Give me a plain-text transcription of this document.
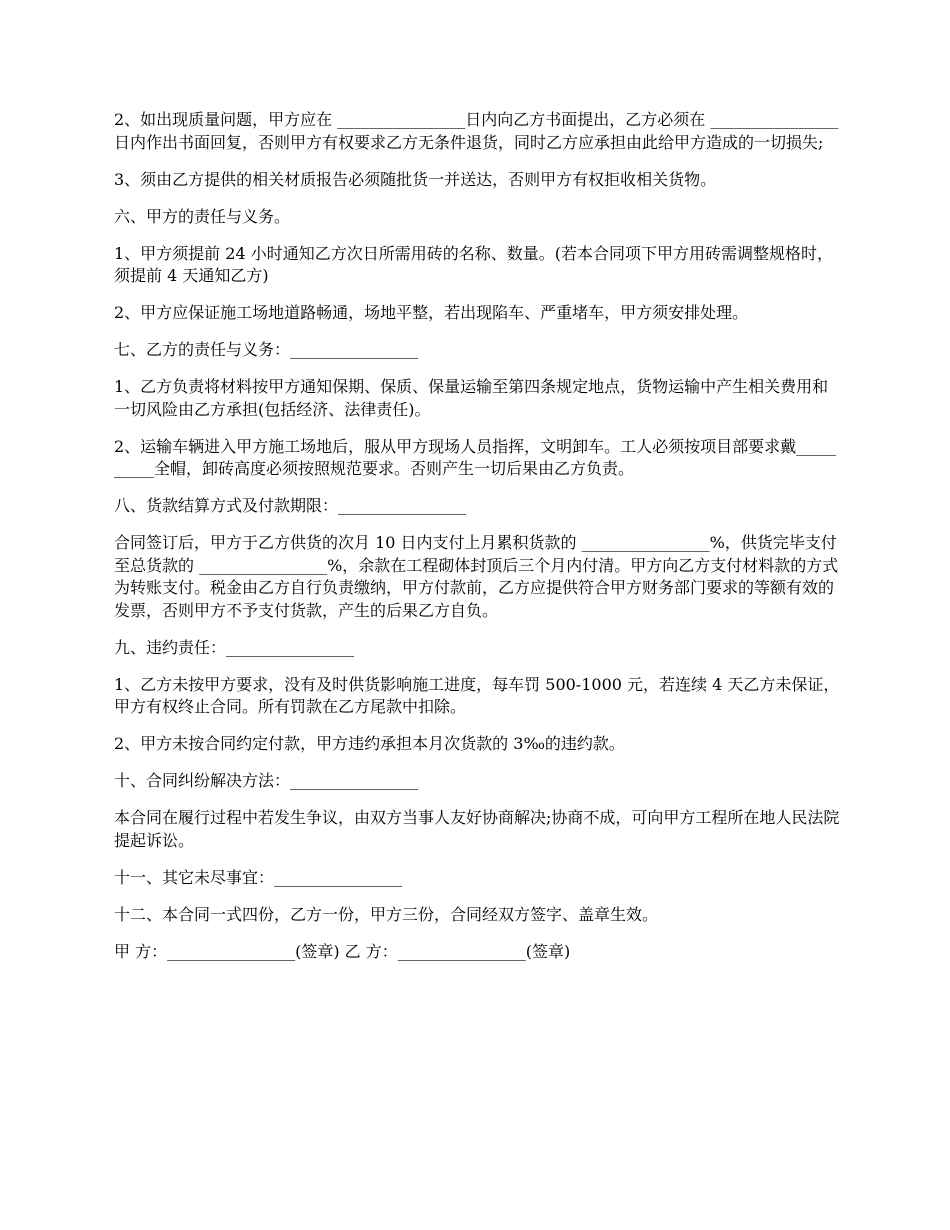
2、如出现质量问题，甲方应在 ________________日内向乙方书面提出，乙方必须在 ________________日内作出书面回复，否则甲方有权要求乙方无条件退货，同时乙方应承担由此给甲方造成的一切损失;

3、须由乙方提供的相关材质报告必须随批货一并送达，否则甲方有权拒收相关货物。

六、甲方的责任与义务。

1、甲方须提前 24 小时通知乙方次日所需用砖的名称、数量。(若本合同项下甲方用砖需调整规格时，须提前 4 天通知乙方)

2、甲方应保证施工场地道路畅通，场地平整，若出现陷车、严重堵车，甲方须安排处理。

七、乙方的责任与义务：________________

1、乙方负责将材料按甲方通知保期、保质、保量运输至第四条规定地点，货物运输中产生相关费用和一切风险由乙方承担(包括经济、法律责任)。

2、运输车辆进入甲方施工场地后，服从甲方现场人员指挥，文明卸车。工人必须按项目部要求戴__________全帽，卸砖高度必须按照规范要求。否则产生一切后果由乙方负责。

八、货款结算方式及付款期限：________________

合同签订后，甲方于乙方供货的次月 10 日内支付上月累积货款的 ________________%，供货完毕支付至总货款的 ________________%，余款在工程砌体封顶后三个月内付清。甲方向乙方支付材料款的方式为转账支付。税金由乙方自行负责缴纳，甲方付款前，乙方应提供符合甲方财务部门要求的等额有效的发票，否则甲方不予支付货款，产生的后果乙方自负。

九、违约责任：________________

1、乙方未按甲方要求，没有及时供货影响施工进度，每车罚 500-1000 元，若连续 4 天乙方未保证，甲方有权终止合同。所有罚款在乙方尾款中扣除。

2、甲方未按合同约定付款，甲方违约承担本月次货款的 3‰的违约款。

十、合同纠纷解决方法：________________

本合同在履行过程中若发生争议，由双方当事人友好协商解决;协商不成，可向甲方工程所在地人民法院提起诉讼。

十一、其它未尽事宜：________________

十二、本合同一式四份，乙方一份，甲方三份，合同经双方签字、盖章生效。

甲 方：________________(签章) 乙 方：________________(签章)
